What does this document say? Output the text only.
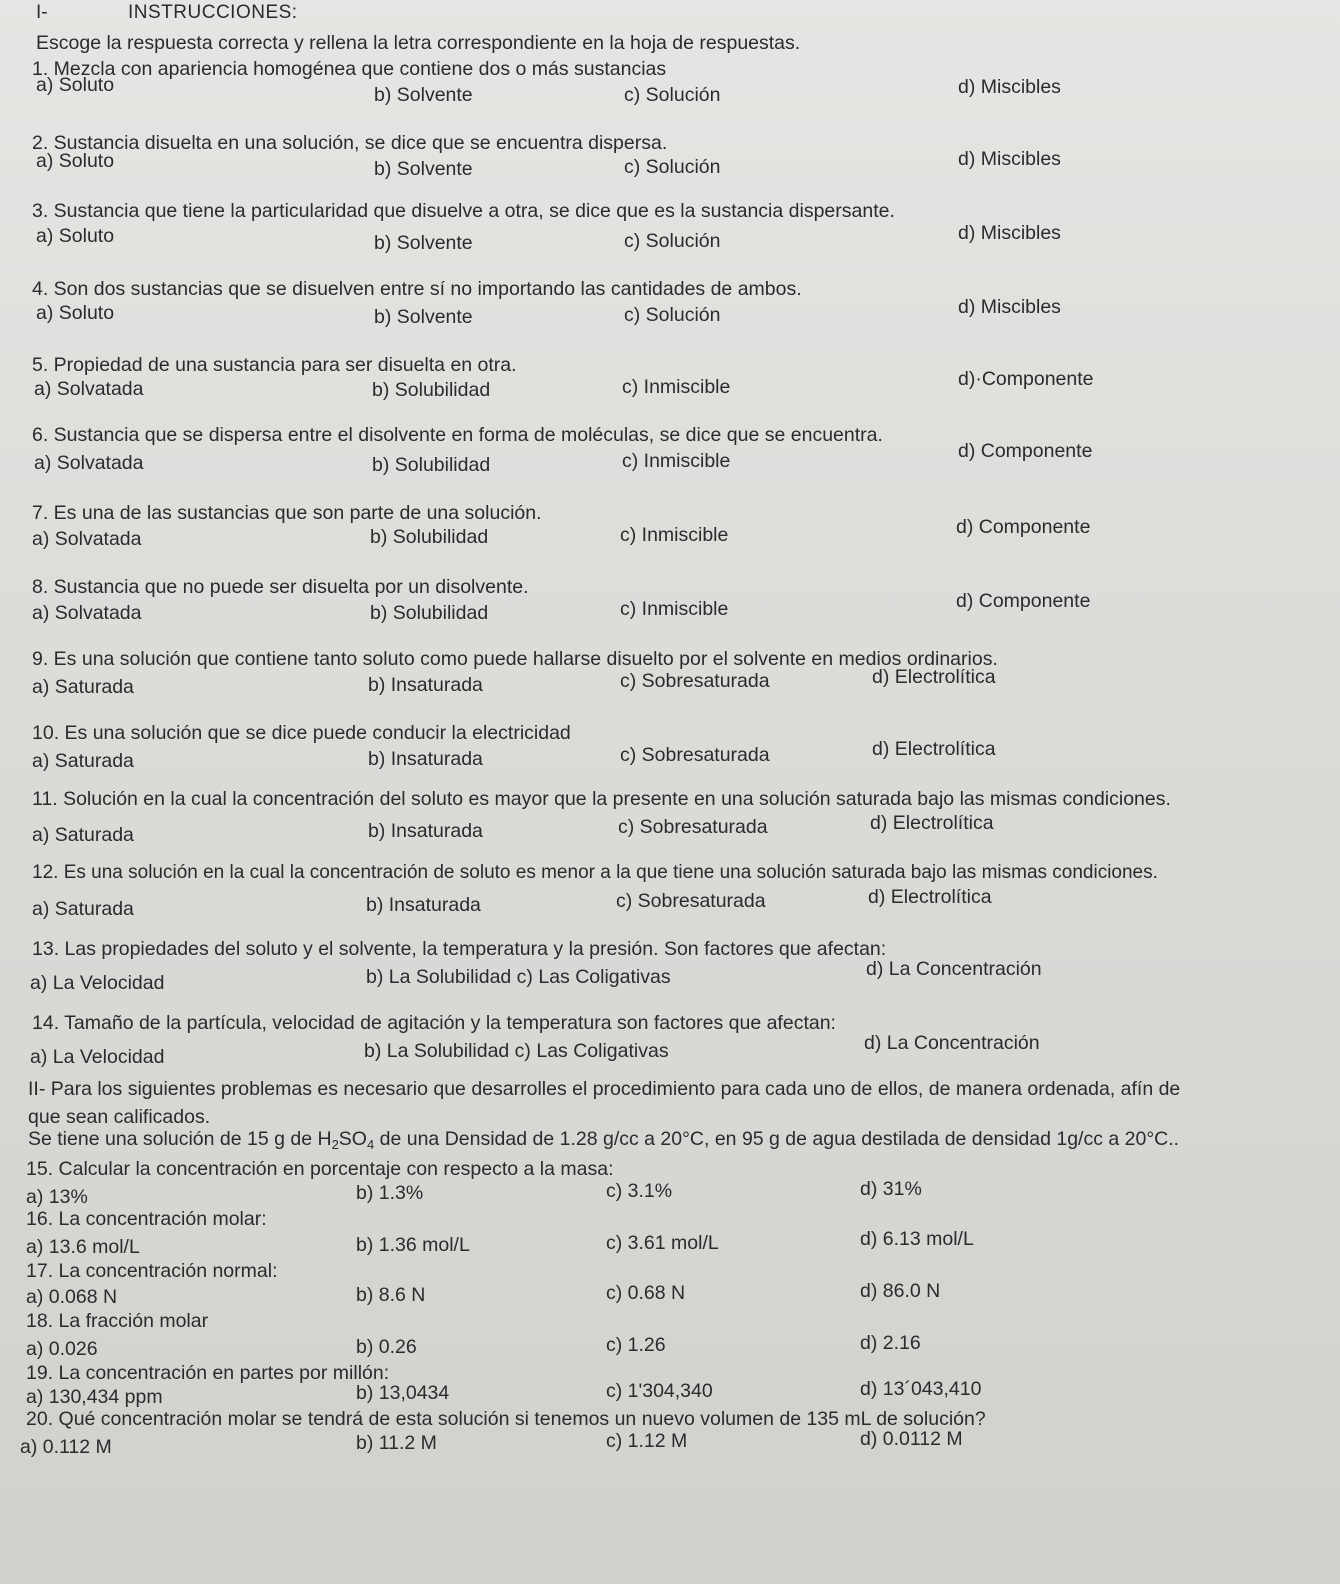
I-	INSTRUCCIONES:
Escoge la respuesta correcta y rellena la letra correspondiente en la hoja de respuestas.
1. Mezcla con apariencia homogénea que contiene dos o más sustancias
a) Soluto	b) Solvente	c) Solución	d) Miscibles
2. Sustancia disuelta en una solución, se dice que se encuentra dispersa.
a) Soluto	b) Solvente	c) Solución	d) Miscibles
3. Sustancia que tiene la particularidad que disuelve a otra, se dice que es la sustancia dispersante.
a) Soluto	b) Solvente	c) Solución	d) Miscibles
4. Son dos sustancias que se disuelven entre sí no importando las cantidades de ambos.
a) Soluto	b) Solvente	c) Solución	d) Miscibles
5. Propiedad de una sustancia para ser disuelta en otra.
a) Solvatada	b) Solubilidad	c) Inmiscible	d)·Componente
6. Sustancia que se dispersa entre el disolvente en forma de moléculas, se dice que se encuentra.
a) Solvatada	b) Solubilidad	c) Inmiscible	d) Componente
7. Es una de las sustancias que son parte de una solución.
a) Solvatada	b) Solubilidad	c) Inmiscible	d) Componente
8. Sustancia que no puede ser disuelta por un disolvente.
a) Solvatada	b) Solubilidad	c) Inmiscible	d) Componente
9. Es una solución que contiene tanto soluto como puede hallarse disuelto por el solvente en medios ordinarios.
a) Saturada	b) Insaturada	c) Sobresaturada	d) Electrolítica
10. Es una solución que se dice puede conducir la electricidad
a) Saturada	b) Insaturada	c) Sobresaturada	d) Electrolítica
11. Solución en la cual la concentración del soluto es mayor que la presente en una solución saturada bajo las mismas condiciones.
a) Saturada	b) Insaturada	c) Sobresaturada	d) Electrolítica
12. Es una solución en la cual la concentración de soluto es menor a la que tiene una solución saturada bajo las mismas condiciones.
a) Saturada	b) Insaturada	c) Sobresaturada	d) Electrolítica
13. Las propiedades del soluto y el solvente, la temperatura y la presión. Son factores que afectan:
a) La Velocidad	b) La Solubilidad c) Las Coligativas	d) La Concentración
14. Tamaño de la partícula, velocidad de agitación y la temperatura son factores que afectan:
a) La Velocidad	b) La Solubilidad c) Las Coligativas	d) La Concentración
II- Para los siguientes problemas es necesario que desarrolles el procedimiento para cada uno de ellos, de manera ordenada, afín de
que sean calificados.
Se tiene una solución de 15 g de $H_2SO_4$ de una Densidad de 1.28 g/cc a 20°C, en 95 g de agua destilada de densidad 1g/cc a 20°C..
15. Calcular la concentración en porcentaje con respecto a la masa:
a) 13%	b) 1.3%	c) 3.1%	d) 31%
16. La concentración molar:
a) 13.6 mol/L	b) 1.36 mol/L	c) 3.61 mol/L	d) 6.13 mol/L
17. La concentración normal:
a) 0.068 N	b) 8.6 N	c) 0.68 N	d) 86.0 N
18. La fracción molar
a) 0.026	b) 0.26	c) 1.26	d) 2.16
19. La concentración en partes por millón:
a) 130,434 ppm	b) 13,0434	c) 1'304,340	d) 13´043,410
20. Qué concentración molar se tendrá de esta solución si tenemos un nuevo volumen de 135 mL de solución?
a) 0.112 M	b) 11.2 M	c) 1.12 M	d) 0.0112 M
